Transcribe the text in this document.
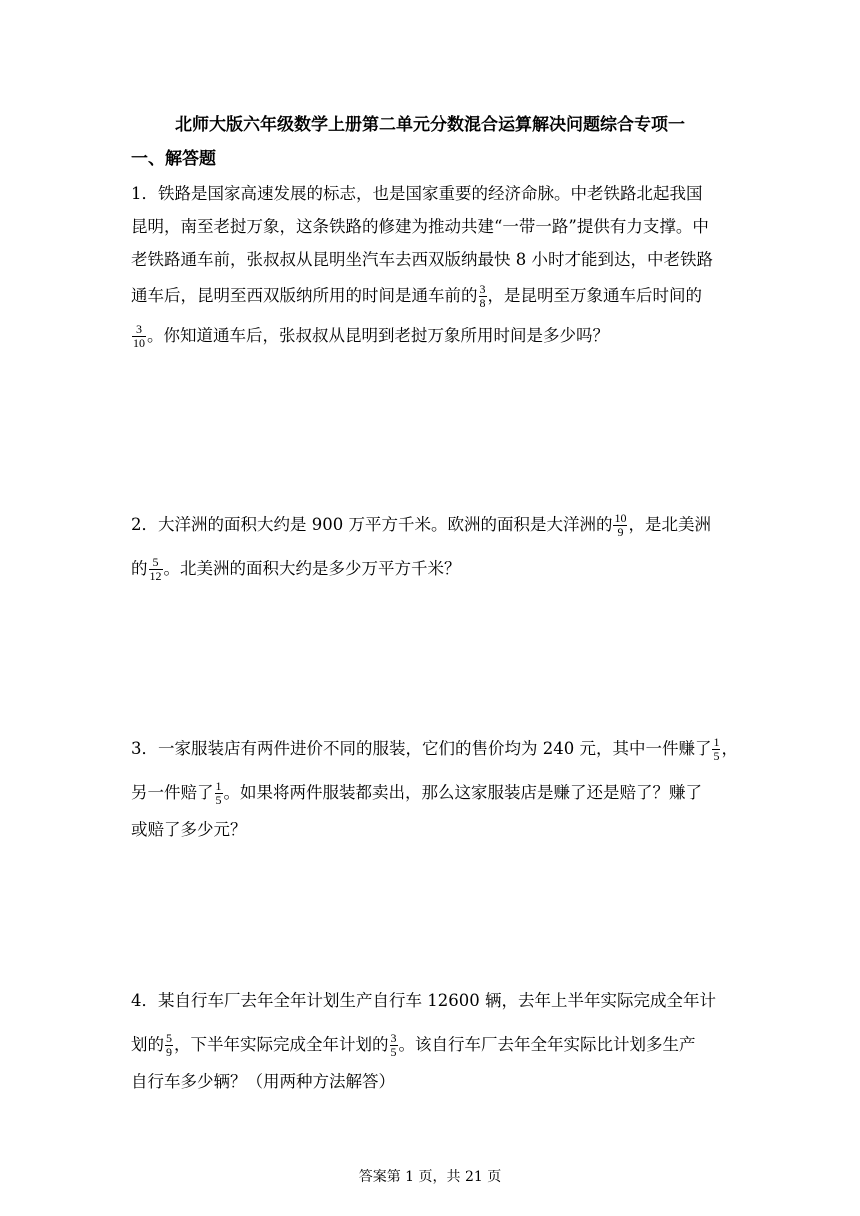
北师大版六年级数学上册第二单元分数混合运算解决问题综合专项一
一、解答题
1．铁路是国家高速发展的标志，也是国家重要的经济命脉。中老铁路北起我国
昆明，南至老挝万象，这条铁路的修建为推动共建“一带一路”提供有力支撑。中
老铁路通车前，张叔叔从昆明坐汽车去西双版纳最快 8 小时才能到达，中老铁路
通车后，昆明至西双版纳所用的时间是通车前的 $\frac{3}{8}$ ，是昆明至万象通车后时间的
$\frac{3}{10}$ 。你知道通车后，张叔叔从昆明到老挝万象所用时间是多少吗？
2．大洋洲的面积大约是 900 万平方千米。欧洲的面积是大洋洲的 $\frac{10}{9}$ ，是北美洲
的 $\frac{5}{12}$ 。北美洲的面积大约是多少万平方千米？
3．一家服装店有两件进价不同的服装，它们的售价均为 240 元，其中一件赚了 $\frac{1}{5}$ ，
另一件赔了 $\frac{1}{5}$ 。如果将两件服装都卖出，那么这家服装店是赚了还是赔了？赚了
或赔了多少元？
4．某自行车厂去年全年计划生产自行车 12600 辆，去年上半年实际完成全年计
划的 $\frac{5}{9}$ ，下半年实际完成全年计划的 $\frac{3}{5}$ 。该自行车厂去年全年实际比计划多生产
自行车多少辆？（用两种方法解答）
答案第 1 页，共 21 页
